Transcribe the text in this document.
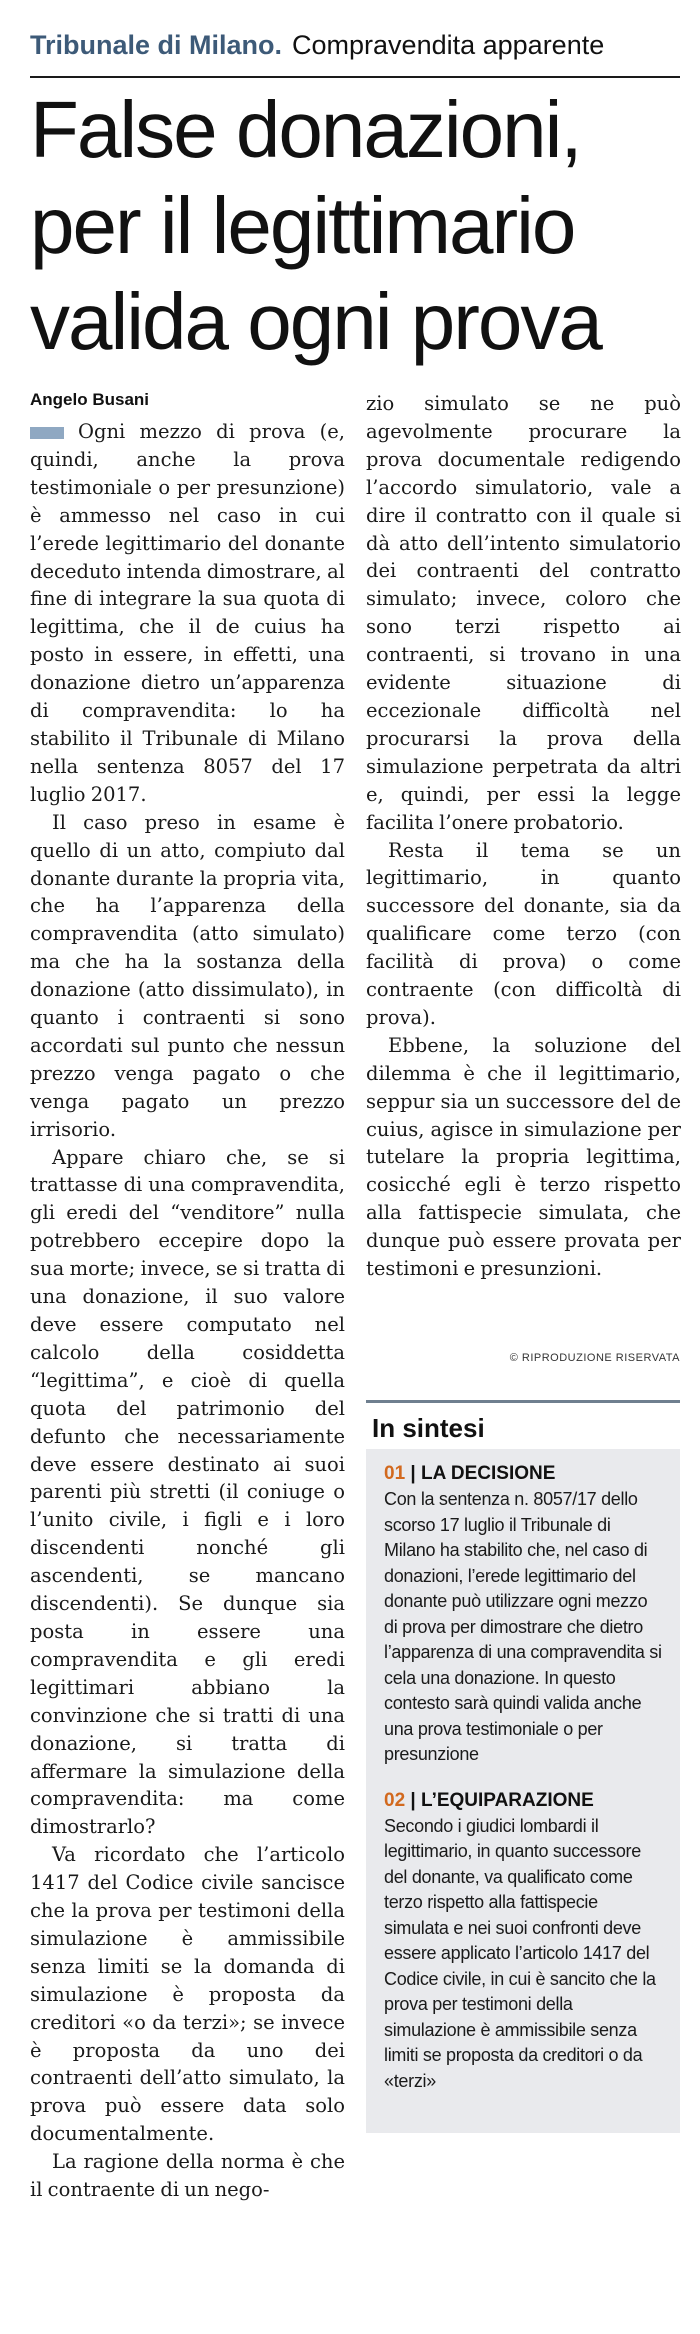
Tribunale di Milano. Compravendita apparente
False donazioni,
per il legittimario
valida ogni prova
Angelo Busani

Ogni mezzo di prova (e, quindi, anche la prova testimoniale o per presunzione) è ammesso nel caso in cui l’erede legittimario del donante deceduto intenda dimostrare, al fine di integrare la sua quota di legittima, che il de cuius ha posto in essere, in effetti, una donazione dietro un’apparenza di compravendita: lo ha stabilito il Tribunale di Milano nella sentenza 8057 del 17 luglio 2017.

Il caso preso in esame è quello di un atto, compiuto dal donante durante la propria vita, che ha l’apparenza della compravendita (atto simulato) ma che ha la sostanza della donazione (atto dissimulato), in quanto i contraenti si sono accordati sul punto che nessun prezzo venga pagato o che venga pagato un prezzo irrisorio.

Appare chiaro che, se si trattasse di una compravendita, gli eredi del “venditore” nulla potrebbero eccepire dopo la sua morte; invece, se si tratta di una donazione, il suo valore deve essere computato nel calcolo della cosiddetta “legittima”, e cioè di quella quota del patrimonio del defunto che necessariamente deve essere destinato ai suoi parenti più stretti (il coniuge o l’unito civile, i figli e i loro discendenti nonché gli ascendenti, se mancano discendenti). Se dunque sia posta in essere una compravendita e gli eredi legittimari abbiano la convinzione che si tratti di una donazione, si tratta di affermare la simulazione della compravendita: ma come dimostrarlo?

Va ricordato che l’articolo 1417 del Codice civile sancisce che la prova per testimoni della simulazione è ammissibile senza limiti se la domanda di simulazione è proposta da creditori «o da terzi»; se invece è proposta da uno dei contraenti dell’atto simulato, la prova può essere data solo documentalmente.

La ragione della norma è che il contraente di un nego-

zio simulato se ne può agevolmente procurare la prova documentale redigendo l’accordo simulatorio, vale a dire il contratto con il quale si dà atto dell’intento simulatorio dei contraenti del contratto simulato; invece, coloro che sono terzi rispetto ai contraenti, si trovano in una evidente situazione di eccezionale difficoltà nel procurarsi la prova della simulazione perpetrata da altri e, quindi, per essi la legge facilita l’onere probatorio.

Resta il tema se un legittimario, in quanto successore del donante, sia da qualificare come terzo (con facilità di prova) o come contraente (con difficoltà di prova).

Ebbene, la soluzione del dilemma è che il legittimario, seppur sia un successore del de cuius, agisce in simulazione per tutelare la propria legittima, cosicché egli è terzo rispetto alla fattispecie simulata, che dunque può essere provata per testimoni e presunzioni.

© RIPRODUZIONE RISERVATA
In sintesi
01 | LA DECISIONE
Con la sentenza n. 8057/17 dello scorso 17 luglio il Tribunale di Milano ha stabilito che, nel caso di donazioni, l’erede legittimario del donante può utilizzare ogni mezzo di prova per dimostrare che dietro l’apparenza di una compravendita si cela una donazione. In questo contesto sarà quindi valida anche una prova testimoniale o per presunzione
02 | L’EQUIPARAZIONE
Secondo i giudici lombardi il legittimario, in quanto successore del donante, va qualificato come terzo rispetto alla fattispecie simulata e nei suoi confronti deve essere applicato l’articolo 1417 del Codice civile, in cui è sancito che la prova per testimoni della simulazione è ammissibile senza limiti se proposta da creditori o da «terzi»
